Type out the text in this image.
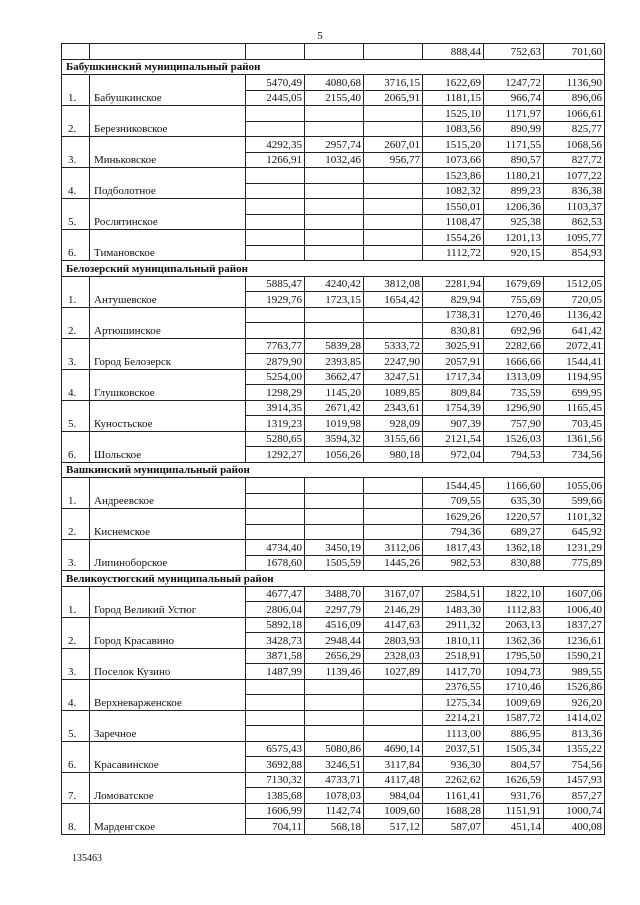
5
					888,44	752,63	701,60
Бабушкинский муниципальный район							
1.	Бабушкинское	5470,49	4080,68	3716,15	1622,69	1247,72	1136,90
		2445,05	2155,40	2065,91	1181,15	966,74	896,06
2.	Березниковское				1525,10	1171,97	1066,61
					1083,56	890,99	825,77
3.	Миньковское	4292,35	2957,74	2607,01	1515,20	1171,55	1068,56
		1266,91	1032,46	956,77	1073,66	890,57	827,72
4.	Подболотное				1523,86	1180,21	1077,22
					1082,32	899,23	836,38
5.	Рослятинское				1550,01	1206,36	1103,37
					1108,47	925,38	862,53
6.	Тимановское				1554,26	1201,13	1095,77
					1112,72	920,15	854,93
Белозерский муниципальный район							
1.	Антушевское	5885,47	4240,42	3812,08	2281,94	1679,69	1512,05
		1929,76	1723,15	1654,42	829,94	755,69	720,05
2.	Артюшинское				1738,31	1270,46	1136,42
					830,81	692,96	641,42
3.	Город Белозерск	7763,77	5839,28	5333,72	3025,91	2282,66	2072,41
		2879,90	2393,85	2247,90	2057,91	1666,66	1544,41
4.	Глушковское	5254,00	3662,47	3247,51	1717,34	1313,09	1194,95
		1298,29	1145,20	1089,85	809,84	735,59	699,95
5.	Куностьское	3914,35	2671,42	2343,61	1754,39	1296,90	1165,45
		1319,23	1019,98	928,09	907,39	757,90	703,45
6.	Шольское	5280,65	3594,32	3155,66	2121,54	1526,03	1361,56
		1292,27	1056,26	980,18	972,04	794,53	734,56
Вашкинский муниципальный район							
1.	Андреевское				1544,45	1166,60	1055,06
					709,55	635,30	599,66
2.	Киснемское				1629,26	1220,57	1101,32
					794,36	689,27	645,92
3.	Липиноборское	4734,40	3450,19	3112,06	1817,43	1362,18	1231,29
		1678,60	1505,59	1445,26	982,53	830,88	775,89
Великоустюгский муниципальный район							
1.	Город Великий Устюг	4677,47	3488,70	3167,07	2584,51	1822,10	1607,06
		2806,04	2297,79	2146,29	1483,30	1112,83	1006,40
2.	Город Красавино	5892,18	4516,09	4147,63	2911,32	2063,13	1837,27
		3428,73	2948,44	2803,93	1810,11	1362,36	1236,61
3.	Поселок Кузино	3871,58	2656,29	2328,03	2518,91	1795,50	1590,21
		1487,99	1139,46	1027,89	1417,70	1094,73	989,55
4.	Верхневарженское				2376,55	1710,46	1526,86
					1275,34	1009,69	926,20
5.	Заречное				2214,21	1587,72	1414,02
					1113,00	886,95	813,36
6.	Красавинское	6575,43	5080,86	4690,14	2037,51	1505,34	1355,22
		3692,88	3246,51	3117,84	936,30	804,57	754,56
7.	Ломоватское	7130,32	4733,71	4117,48	2262,62	1626,59	1457,93
		1385,68	1078,03	984,04	1161,41	931,76	857,27
8.	Марденгское	1606,99	1142,74	1009,60	1688,28	1151,91	1000,74
		704,11	568,18	517,12	587,07	451,14	400,08
135463
